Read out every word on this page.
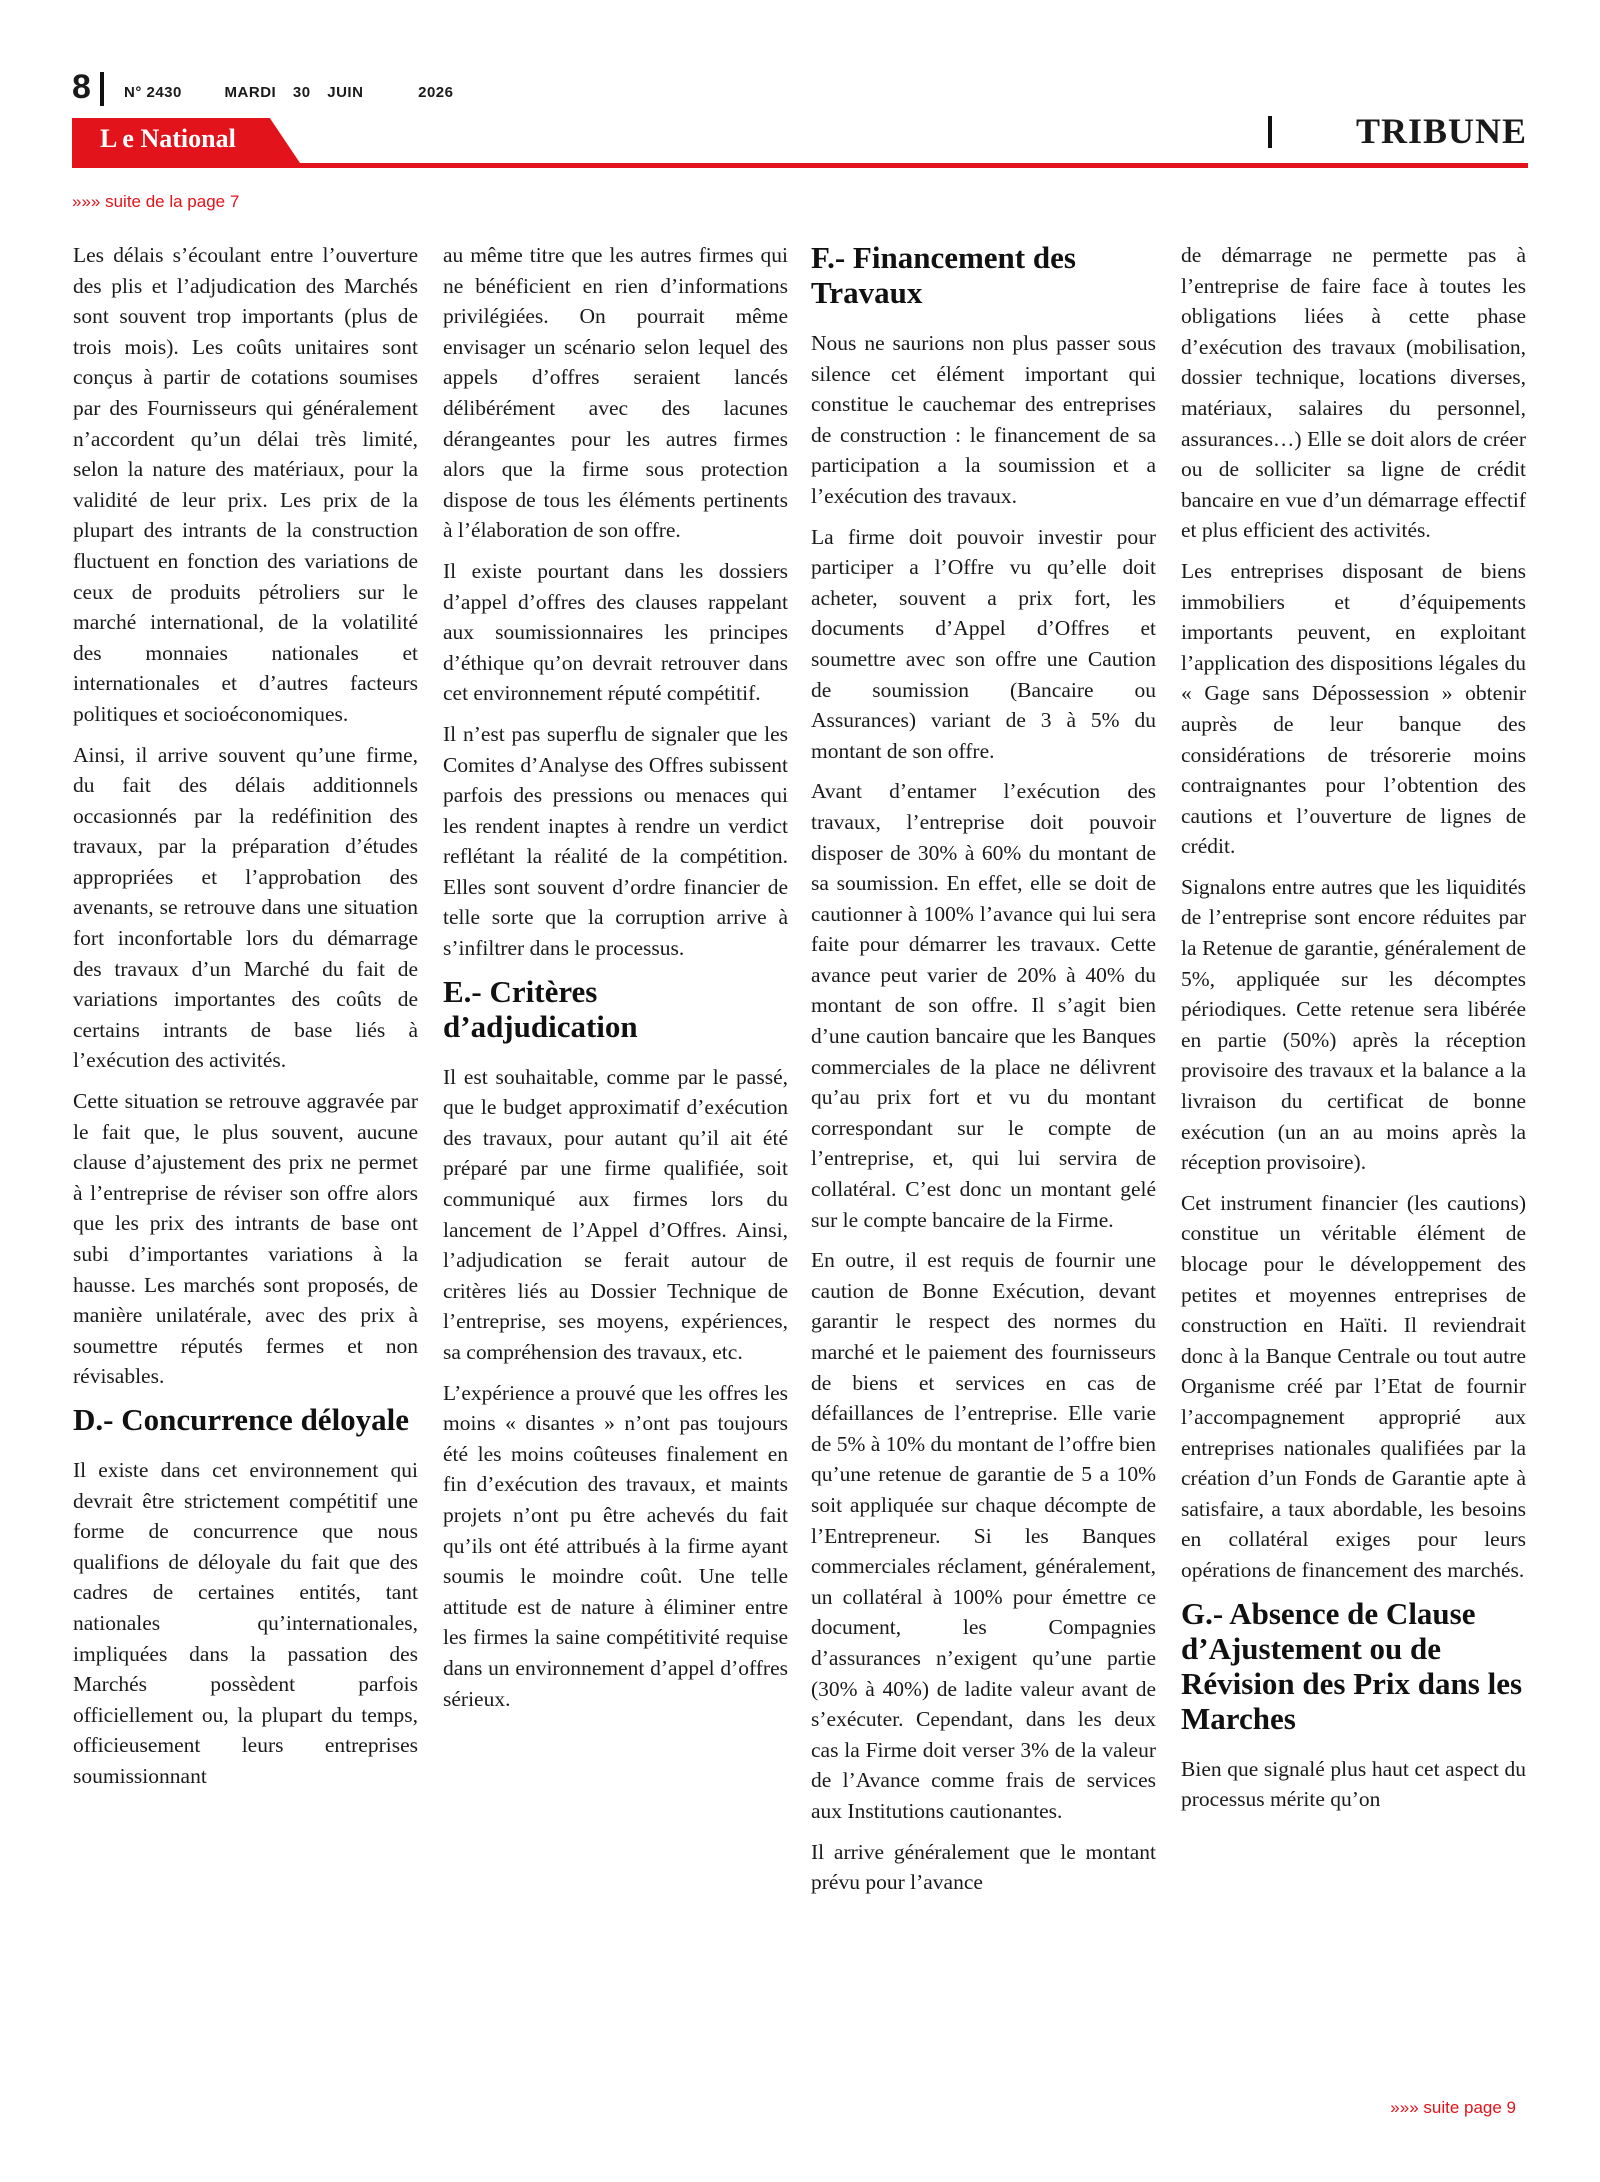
8 N° 2430	MARDI 30 JUIN	2026
L e National	TRIBUNE
»»» suite de la page 7

Les délais s’écoulant entre l’ouverture des plis et l’adjudication des Marchés sont souvent trop importants (plus de trois mois). Les coûts unitaires sont conçus à partir de cotations soumises par des Fournisseurs qui généralement n’accordent qu’un délai très limité, selon la nature des matériaux, pour la validité de leur prix. Les prix de la plupart des intrants de la construction fluctuent en fonction des variations de ceux de produits pétroliers sur le marché international, de la volatilité des monnaies nationales et internationales et d’autres facteurs politiques et socioéconomiques.

Ainsi, il arrive souvent qu’une firme, du fait des délais additionnels occasionnés par la redéfinition des travaux, par la préparation d’études appropriées et l’approbation des avenants, se retrouve dans une situation fort inconfortable lors du démarrage des travaux d’un Marché du fait de variations importantes des coûts de certains intrants de base liés à l’exécution des activités.

Cette situation se retrouve aggravée par le fait que, le plus souvent, aucune clause d’ajustement des prix ne permet à l’entreprise de réviser son offre alors que les prix des intrants de base ont subi d’importantes variations à la hausse. Les marchés sont proposés, de manière unilatérale, avec des prix à soumettre réputés fermes et non révisables.

D.- Concurrence déloyale

Il existe dans cet environnement qui devrait être strictement compétitif une forme de concurrence que nous qualifions de déloyale du fait que des cadres de certaines entités, tant nationales qu’internationales, impliquées dans la passation des Marchés possèdent parfois officiellement ou, la plupart du temps, officieusement leurs entreprises soumissionnant

au même titre que les autres firmes qui ne bénéficient en rien d’informations privilégiées. On pourrait même envisager un scénario selon lequel des appels d’offres seraient lancés délibérément avec des lacunes dérangeantes pour les autres firmes alors que la firme sous protection dispose de tous les éléments pertinents à l’élaboration de son offre.

Il existe pourtant dans les dossiers d’appel d’offres des clauses rappelant aux soumissionnaires les principes d’éthique qu’on devrait retrouver dans cet environnement réputé compétitif.

Il n’est pas superflu de signaler que les Comites d’Analyse des Offres subissent parfois des pressions ou menaces qui les rendent inaptes à rendre un verdict reflétant la réalité de la compétition. Elles sont souvent d’ordre financier de telle sorte que la corruption arrive à s’infiltrer dans le processus.

E.- Critères d’adjudication

Il est souhaitable, comme par le passé, que le budget approximatif d’exécution des travaux, pour autant qu’il ait été préparé par une firme qualifiée, soit communiqué aux firmes lors du lancement de l’Appel d’Offres. Ainsi, l’adjudication se ferait autour de critères liés au Dossier Technique de l’entreprise, ses moyens, expériences, sa compréhension des travaux, etc.

L’expérience a prouvé que les offres les moins « disantes » n’ont pas toujours été les moins coûteuses finalement en fin d’exécution des travaux, et maints projets n’ont pu être achevés du fait qu’ils ont été attribués à la firme ayant soumis le moindre coût. Une telle attitude est de nature à éliminer entre les firmes la saine compétitivité requise dans un environnement d’appel d’offres sérieux.

F.- Financement des Travaux

Nous ne saurions non plus passer sous silence cet élément important qui constitue le cauchemar des entreprises de construction : le financement de sa participation a la soumission et a l’exécution des travaux.

La firme doit pouvoir investir pour participer a l’Offre vu qu’elle doit acheter, souvent a prix fort, les documents d’Appel d’Offres et soumettre avec son offre une Caution de soumission (Bancaire ou Assurances) variant de 3 à 5% du montant de son offre.

Avant d’entamer l’exécution des travaux, l’entreprise doit pouvoir disposer de 30% à 60% du montant de sa soumission. En effet, elle se doit de cautionner à 100% l’avance qui lui sera faite pour démarrer les travaux. Cette avance peut varier de 20% à 40% du montant de son offre. Il s’agit bien d’une caution bancaire que les Banques commerciales de la place ne délivrent qu’au prix fort et vu du montant correspondant sur le compte de l’entreprise, et, qui lui servira de collatéral. C’est donc un montant gelé sur le compte bancaire de la Firme.

En outre, il est requis de fournir une caution de Bonne Exécution, devant garantir le respect des normes du marché et le paiement des fournisseurs de biens et services en cas de défaillances de l’entreprise. Elle varie de 5% à 10% du montant de l’offre bien qu’une retenue de garantie de 5 a 10% soit appliquée sur chaque décompte de l’Entrepreneur. Si les Banques commerciales réclament, généralement, un collatéral à 100% pour émettre ce document, les Compagnies d’assurances n’exigent qu’une partie (30% à 40%) de ladite valeur avant de s’exécuter. Cependant, dans les deux cas la Firme doit verser 3% de la valeur de l’Avance comme frais de services aux Institutions cautionantes.

Il arrive généralement que le montant prévu pour l’avance

de démarrage ne permette pas à l’entreprise de faire face à toutes les obligations liées à cette phase d’exécution des travaux (mobilisation, dossier technique, locations diverses, matériaux, salaires du personnel, assurances…) Elle se doit alors de créer ou de solliciter sa ligne de crédit bancaire en vue d’un démarrage effectif et plus efficient des activités.

Les entreprises disposant de biens immobiliers et d’équipements importants peuvent, en exploitant l’application des dispositions légales du « Gage sans Dépossession » obtenir auprès de leur banque des considérations de trésorerie moins contraignantes pour l’obtention des cautions et l’ouverture de lignes de crédit.

Signalons entre autres que les liquidités de l’entreprise sont encore réduites par la Retenue de garantie, généralement de 5%, appliquée sur les décomptes périodiques. Cette retenue sera libérée en partie (50%) après la réception provisoire des travaux et la balance a la livraison du certificat de bonne exécution (un an au moins après la réception provisoire).

Cet instrument financier (les cautions) constitue un véritable élément de blocage pour le développement des petites et moyennes entreprises de construction en Haïti. Il reviendrait donc à la Banque Centrale ou tout autre Organisme créé par l’Etat de fournir l’accompagnement approprié aux entreprises nationales qualifiées par la création d’un Fonds de Garantie apte à satisfaire, a taux abordable, les besoins en collatéral exiges pour leurs opérations de financement des marchés.

G.- Absence de Clause d’Ajustement ou de Révision des Prix dans les Marches

Bien que signalé plus haut cet aspect du processus mérite qu’on

»»» suite page 9
